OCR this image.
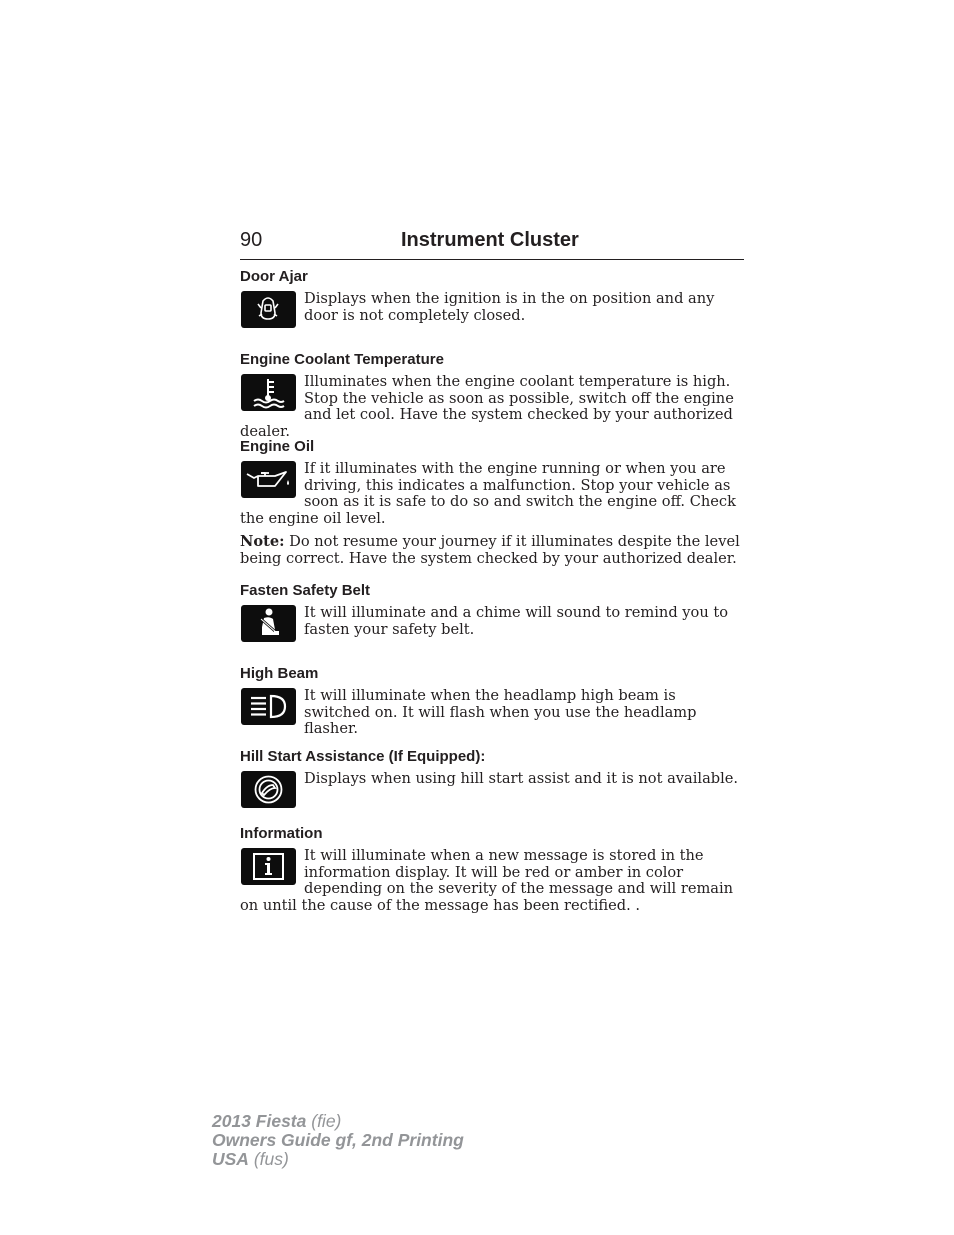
90	Instrument Cluster
Door Ajar
Displays when the ignition is in the on position and any door is not completely closed.
Engine Coolant Temperature
Illuminates when the engine coolant temperature is high. Stop the vehicle as soon as possible, switch off the engine and let cool. Have the system checked by your authorized dealer.
Engine Oil
If it illuminates with the engine running or when you are driving, this indicates a malfunction. Stop your vehicle as soon as it is safe to do so and switch the engine off. Check the engine oil level.
Note: Do not resume your journey if it illuminates despite the level being correct. Have the system checked by your authorized dealer.
Fasten Safety Belt
It will illuminate and a chime will sound to remind you to fasten your safety belt.
High Beam
It will illuminate when the headlamp high beam is switched on. It will flash when you use the headlamp flasher.
Hill Start Assistance (If Equipped):
Displays when using hill start assist and it is not available.
Information
It will illuminate when a new message is stored in the information display. It will be red or amber in color depending on the severity of the message and will remain on until the cause of the message has been rectified. .
2013 Fiesta (fie)
Owners Guide gf, 2nd Printing
USA (fus)
